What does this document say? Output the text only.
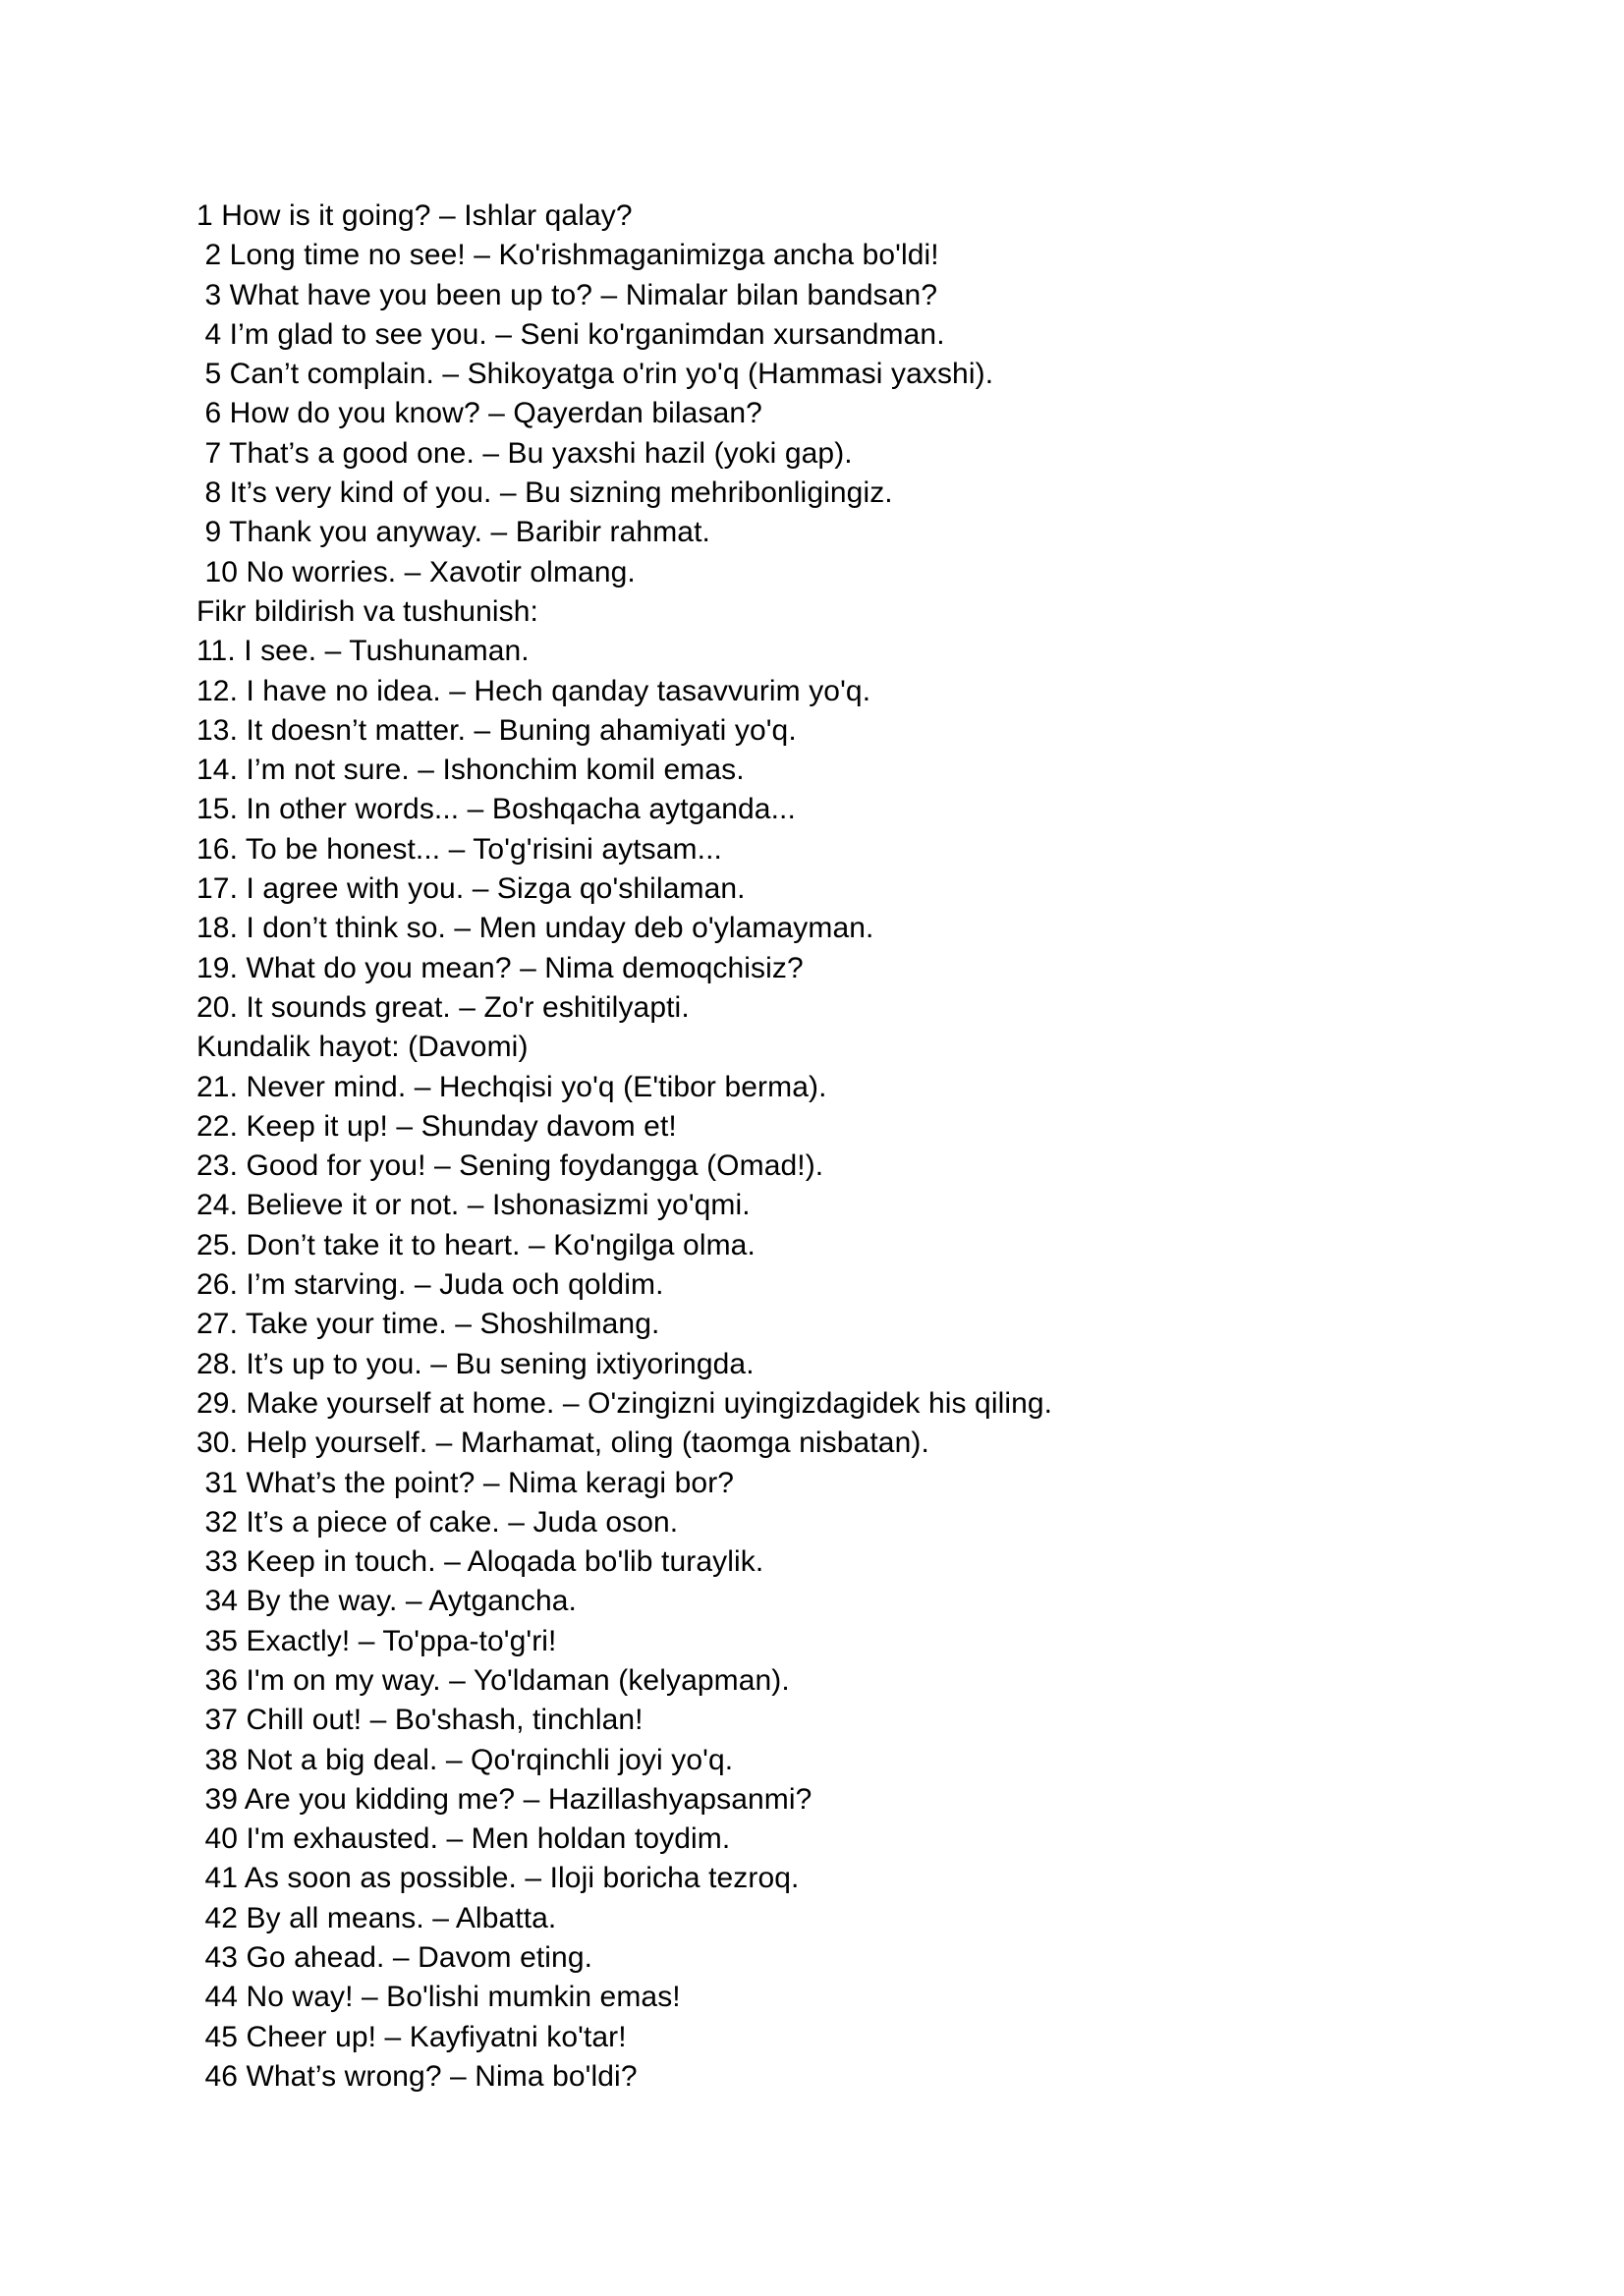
1 How is it going? – Ishlar qalay?
2 Long time no see! – Ko'rishmaganimizga ancha bo'ldi!
3 What have you been up to? – Nimalar bilan bandsan?
4 I’m glad to see you. – Seni ko'rganimdan xursandman.
5 Can’t complain. – Shikoyatga o'rin yo'q (Hammasi yaxshi).
6 How do you know? – Qayerdan bilasan?
7 That’s a good one. – Bu yaxshi hazil (yoki gap).
8 It’s very kind of you. – Bu sizning mehribonligingiz.
9 Thank you anyway. – Baribir rahmat.
10 No worries. – Xavotir olmang.
Fikr bildirish va tushunish:
11. I see. – Tushunaman.
12. I have no idea. – Hech qanday tasavvurim yo'q.
13. It doesn’t matter. – Buning ahamiyati yo'q.
14. I’m not sure. – Ishonchim komil emas.
15. In other words... – Boshqacha aytganda...
16. To be honest... – To'g'risini aytsam...
17. I agree with you. – Sizga qo'shilaman.
18. I don’t think so. – Men unday deb o'ylamayman.
19. What do you mean? – Nima demoqchisiz?
20. It sounds great. – Zo'r eshitilyapti.
Kundalik hayot: (Davomi)
21. Never mind. – Hechqisi yo'q (E'tibor berma).
22. Keep it up! – Shunday davom et!
23. Good for you! – Sening foydangga (Omad!).
24. Believe it or not. – Ishonasizmi yo'qmi.
25. Don’t take it to heart. – Ko'ngilga olma.
26. I’m starving. – Juda och qoldim.
27. Take your time. – Shoshilmang.
28. It’s up to you. – Bu sening ixtiyoringda.
29. Make yourself at home. – O'zingizni uyingizdagidek his qiling.
30. Help yourself. – Marhamat, oling (taomga nisbatan).
31 What’s the point? – Nima keragi bor?
32 It’s a piece of cake. – Juda oson.
33 Keep in touch. – Aloqada bo'lib turaylik.
34 By the way. – Aytgancha.
35 Exactly! – To'ppa-to'g'ri!
36 I'm on my way. – Yo'ldaman (kelyapman).
37 Chill out! – Bo'shash, tinchlan!
38 Not a big deal. – Qo'rqinchli joyi yo'q.
39 Are you kidding me? – Hazillashyapsanmi?
40 I'm exhausted. – Men holdan toydim.
41 As soon as possible. – Iloji boricha tezroq.
42 By all means. – Albatta.
43 Go ahead. – Davom eting.
44 No way! – Bo'lishi mumkin emas!
45 Cheer up! – Kayfiyatni ko'tar!
46 What’s wrong? – Nima bo'ldi?
